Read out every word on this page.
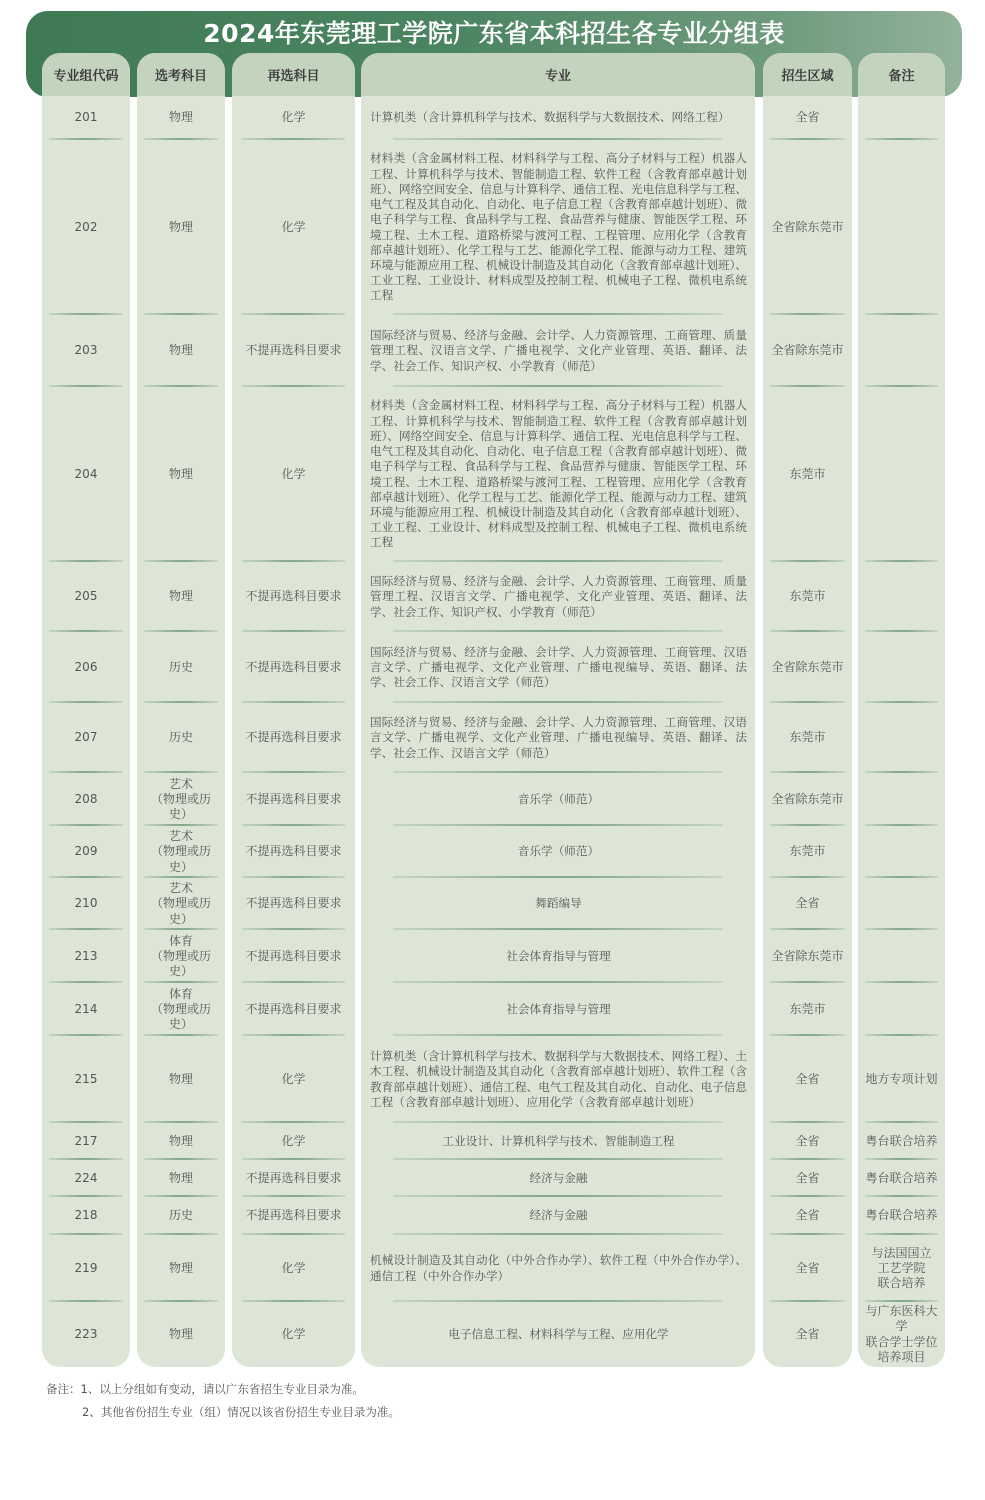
2024年东莞理工学院广东省本科招生各专业分组表
专业组代码
201
202
203
204
205
206
207
208
209
210
213
214
215
217
224
218
219
223
选考科目
物理
物理
物理
物理
物理
历史
历史
艺术
（物理或历史）
艺术
（物理或历史）
艺术
（物理或历史）
体育
（物理或历史）
体育
（物理或历史）
物理
物理
物理
历史
物理
物理
再选科目
化学
化学
不提再选科目要求
化学
不提再选科目要求
不提再选科目要求
不提再选科目要求
不提再选科目要求
不提再选科目要求
不提再选科目要求
不提再选科目要求
不提再选科目要求
化学
化学
不提再选科目要求
不提再选科目要求
化学
化学
专业
计算机类（含计算机科学与技术、数据科学与大数据技术、网络工程）
材料类（含金属材料工程、材料科学与工程、高分子材料与工程）机器人工程、计算机科学与技术、智能制造工程、软件工程（含教育部卓越计划班）、网络空间安全、信息与计算科学、通信工程、光电信息科学与工程、电气工程及其自动化、自动化、电子信息工程（含教育部卓越计划班）、微电子科学与工程、食品科学与工程、食品营养与健康、智能医学工程、环境工程、土木工程、道路桥梁与渡河工程、工程管理、应用化学（含教育部卓越计划班）、化学工程与工艺、能源化学工程、能源与动力工程、建筑环境与能源应用工程、机械设计制造及其自动化（含教育部卓越计划班）、工业工程、工业设计、材料成型及控制工程、机械电子工程、微机电系统工程
国际经济与贸易、经济与金融、会计学、人力资源管理、工商管理、质量管理工程、汉语言文学、广播电视学、文化产业管理、英语、翻译、法学、社会工作、知识产权、小学教育（师范）
材料类（含金属材料工程、材料科学与工程、高分子材料与工程）机器人工程、计算机科学与技术、智能制造工程、软件工程（含教育部卓越计划班）、网络空间安全、信息与计算科学、通信工程、光电信息科学与工程、电气工程及其自动化、自动化、电子信息工程（含教育部卓越计划班）、微电子科学与工程、食品科学与工程、食品营养与健康、智能医学工程、环境工程、土木工程、道路桥梁与渡河工程、工程管理、应用化学（含教育部卓越计划班）、化学工程与工艺、能源化学工程、能源与动力工程、建筑环境与能源应用工程、机械设计制造及其自动化（含教育部卓越计划班）、工业工程、工业设计、材料成型及控制工程、机械电子工程、微机电系统工程
国际经济与贸易、经济与金融、会计学、人力资源管理、工商管理、质量管理工程、汉语言文学、广播电视学、文化产业管理、英语、翻译、法学、社会工作、知识产权、小学教育（师范）
国际经济与贸易、经济与金融、会计学、人力资源管理、工商管理、汉语言文学、广播电视学、文化产业管理、广播电视编导、英语、翻译、法学、社会工作、汉语言文学（师范）
国际经济与贸易、经济与金融、会计学、人力资源管理、工商管理、汉语言文学、广播电视学、文化产业管理、广播电视编导、英语、翻译、法学、社会工作、汉语言文学（师范）
音乐学（师范）
音乐学（师范）
舞蹈编导
社会体育指导与管理
社会体育指导与管理
计算机类（含计算机科学与技术、数据科学与大数据技术、网络工程）、土木工程、机械设计制造及其自动化（含教育部卓越计划班）、软件工程（含教育部卓越计划班）、通信工程、电气工程及其自动化、自动化、电子信息工程（含教育部卓越计划班）、应用化学（含教育部卓越计划班）
工业设计、计算机科学与技术、智能制造工程
经济与金融
经济与金融
机械设计制造及其自动化（中外合作办学）、软件工程（中外合作办学）、通信工程（中外合作办学）
电子信息工程、材料科学与工程、应用化学
招生区域
全省
全省除东莞市
全省除东莞市
东莞市
东莞市
全省除东莞市
东莞市
全省除东莞市
东莞市
全省
全省除东莞市
东莞市
全省
全省
全省
全省
全省
全省
备注
地方专项计划
粤台联合培养
粤台联合培养
粤台联合培养
与法国国立
工艺学院
联合培养
与广东医科大学
联合学士学位
培养项目
备注：1、以上分组如有变动，请以广东省招生专业目录为准。
2、其他省份招生专业（组）情况以该省份招生专业目录为准。
